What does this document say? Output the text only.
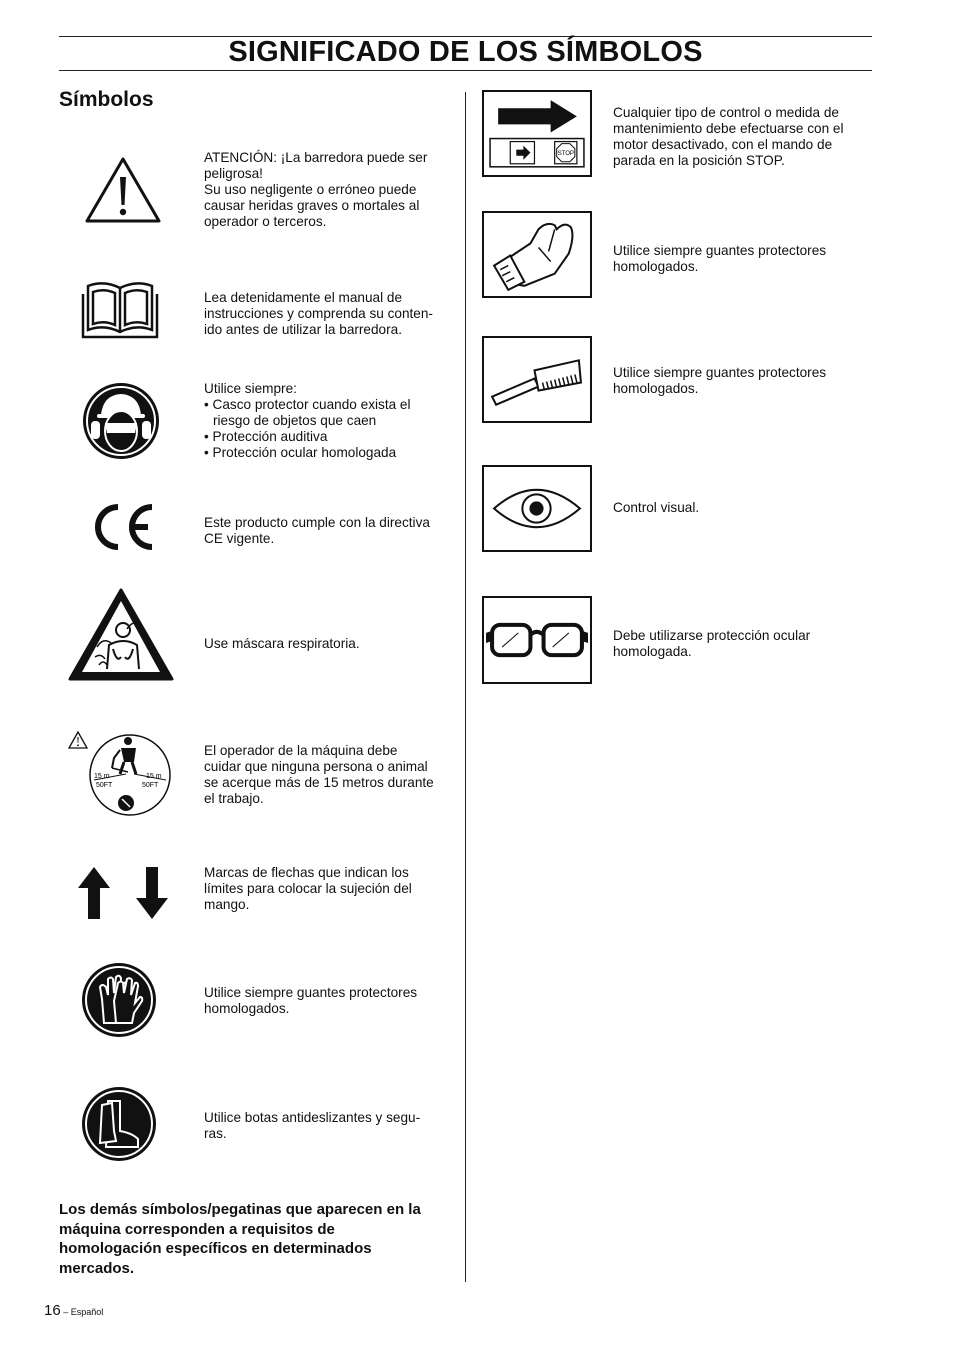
SIGNIFICADO DE LOS SÍMBOLOS
Símbolos
15 m
50FT
15 m
50FT
ATENCIÓN: ¡La barredora puede ser
peligrosa!
Su uso negligente o erróneo puede
causar heridas graves o mortales al
operador o terceros.
Lea detenidamente el manual de
instrucciones y comprenda su conten-
ido antes de utilizar la barredora.
Utilice siempre:
• Casco protector cuando exista el
riesgo de objetos que caen
• Protección auditiva
• Protección ocular homologada
Este producto cumple con la directiva
CE vigente.
Use máscara respiratoria.
El operador de la máquina debe
cuidar que ninguna persona o animal
se acerque más de 15 metros durante
el trabajo.
Marcas de flechas que indican los
límites para colocar la sujeción del
mango.
Utilice siempre guantes protectores
homologados.
Utilice botas antideslizantes y segu-
ras.
STOP
Cualquier tipo de control o medida de
mantenimiento debe efectuarse con el
motor desactivado, con el mando de
parada en la posición STOP.
Utilice siempre guantes protectores
homologados.
Utilice siempre guantes protectores
homologados.
Control visual.
Debe utilizarse protección ocular
homologada.
Los demás símbolos/pegatinas que aparecen en la
máquina corresponden a requisitos de
homologación específicos en determinados
mercados.
16 – Español
